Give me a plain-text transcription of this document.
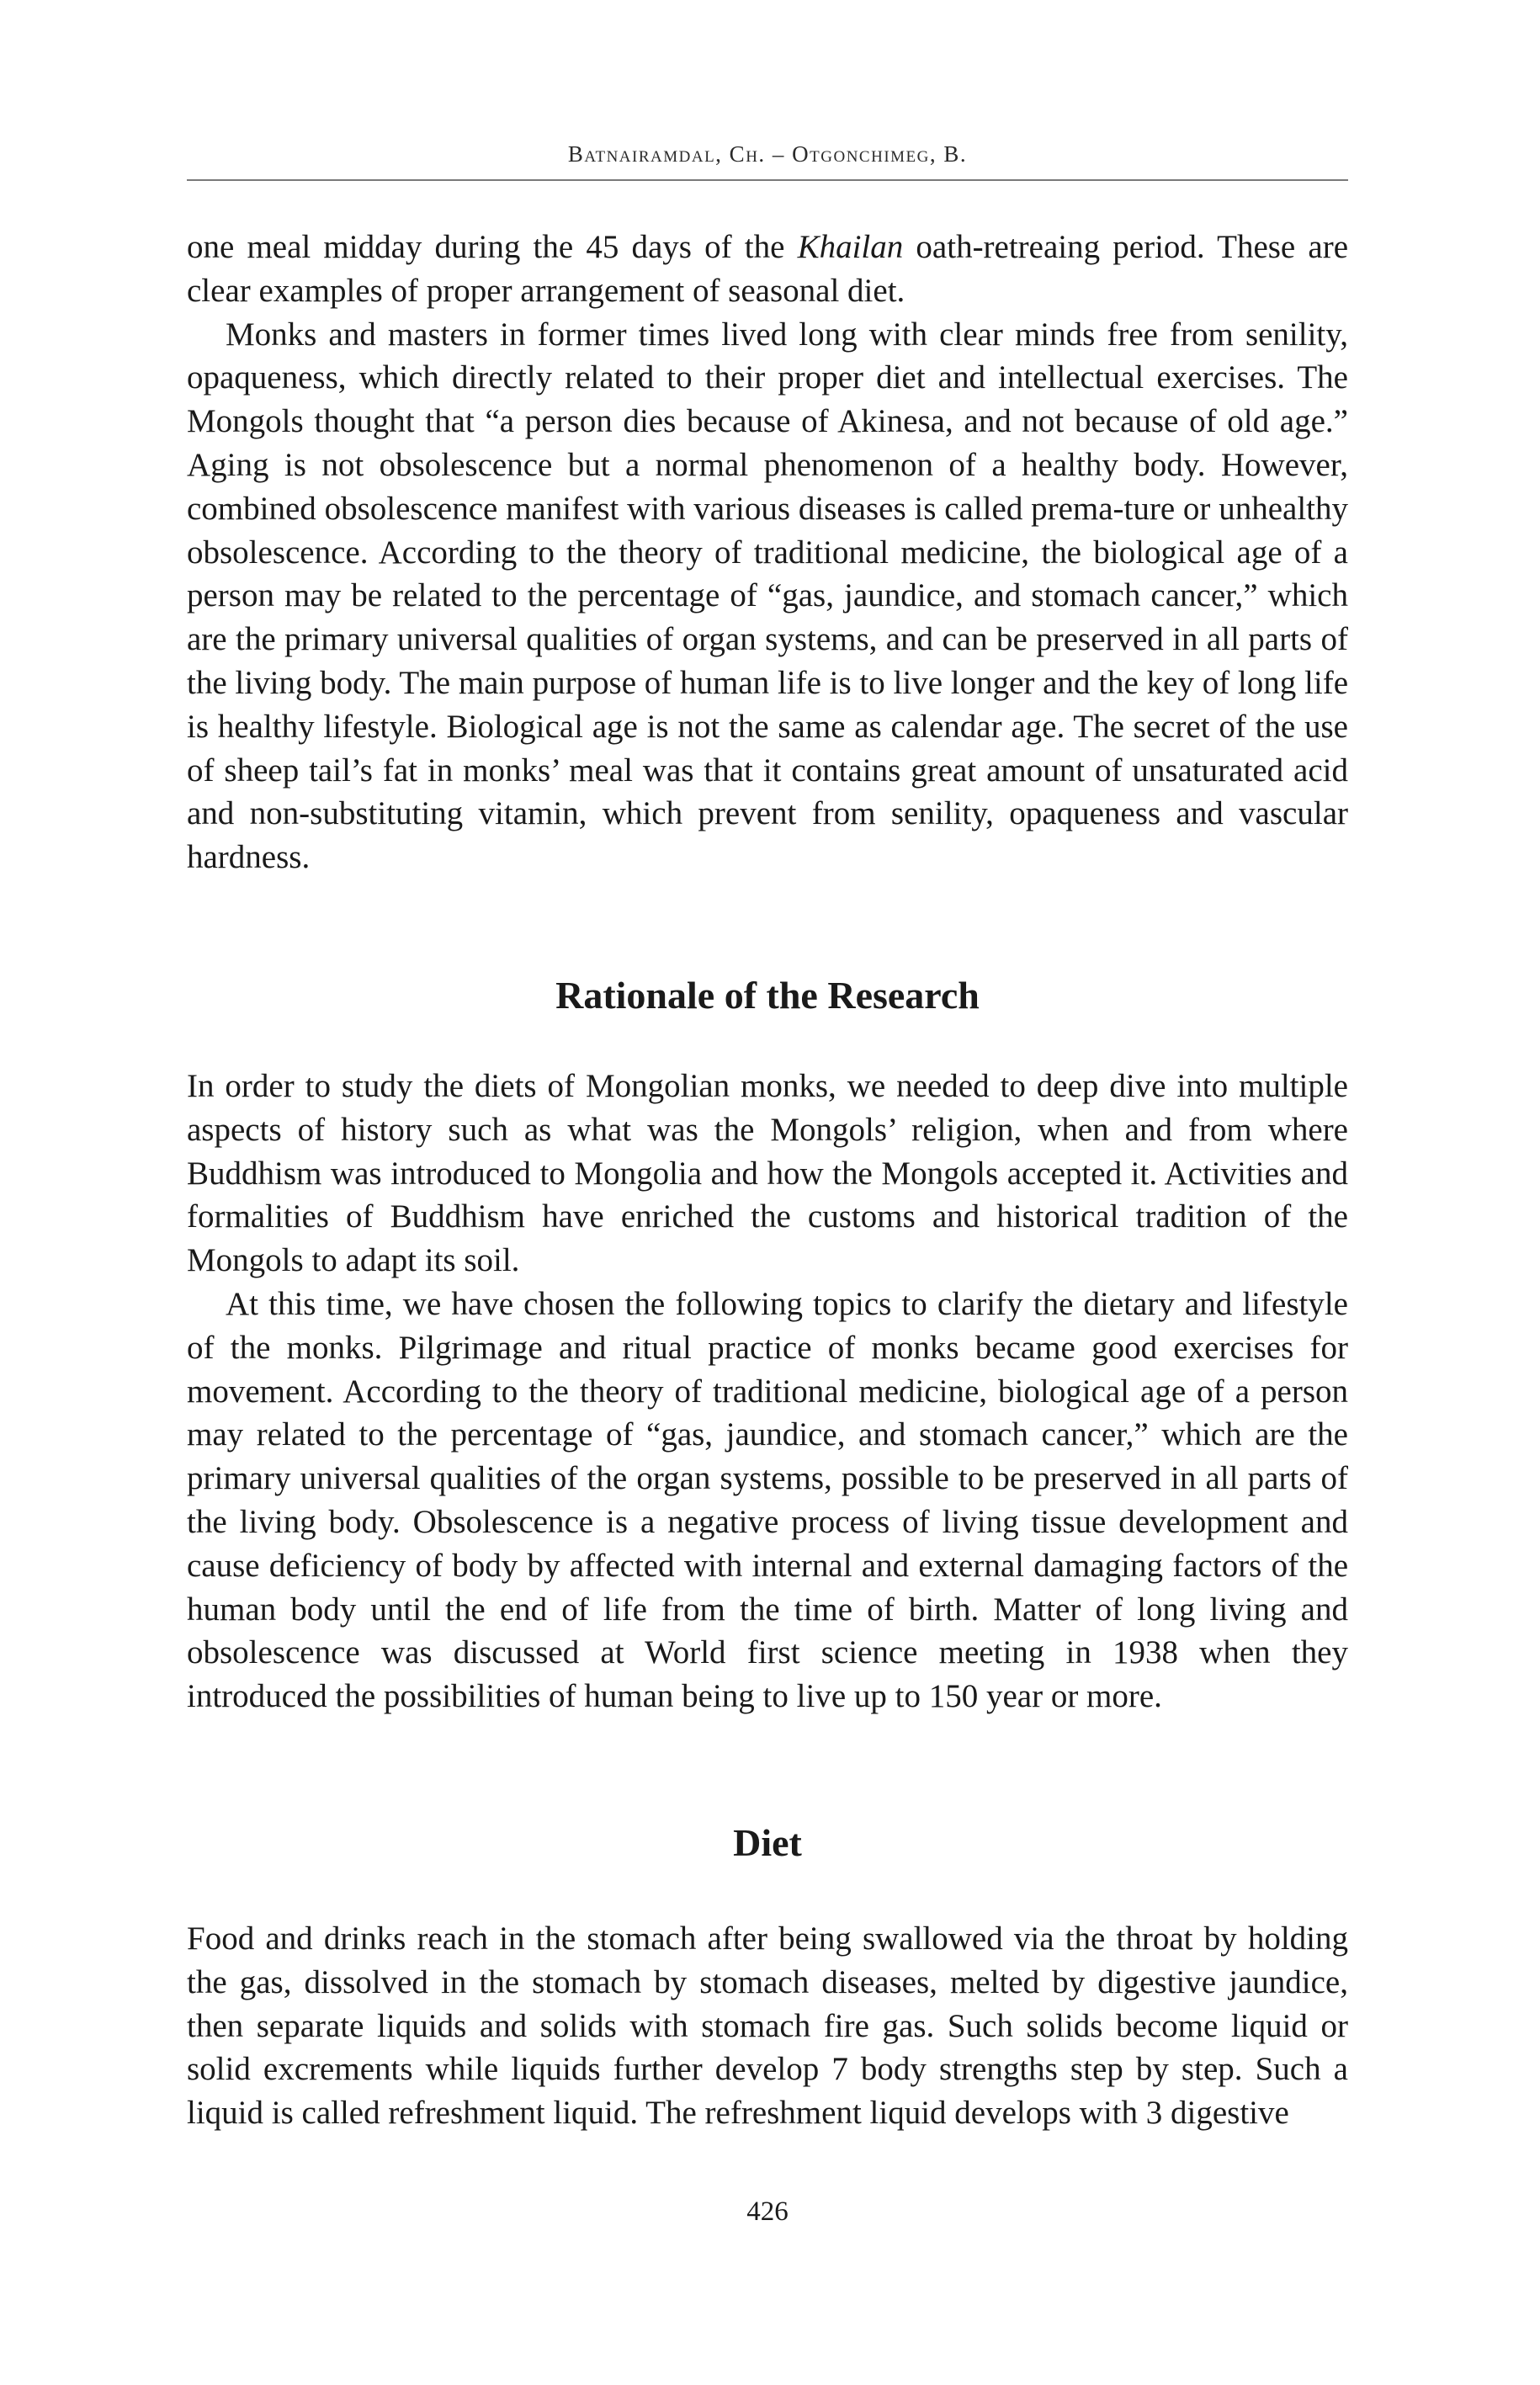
Batnairamdal, Ch. – Otgonchimeg, B.

one meal midday during the 45 days of the Khailan oath-retreaing period. These are clear examples of proper arrangement of seasonal diet.

Monks and masters in former times lived long with clear minds free from senility, opaqueness, which directly related to their proper diet and intellectual exercises. The Mongols thought that “a person dies because of Akinesa, and not because of old age.” Aging is not obsolescence but a normal phenomenon of a healthy body. However, combined obsolescence manifest with various diseases is called prema-ture or unhealthy obsolescence. According to the theory of traditional medicine, the biological age of a person may be related to the percentage of “gas, jaundice, and stomach cancer,” which are the primary universal qualities of organ systems, and can be preserved in all parts of the living body. The main purpose of human life is to live longer and the key of long life is healthy lifestyle. Biological age is not the same as calendar age. The secret of the use of sheep tail’s fat in monks’ meal was that it contains great amount of unsaturated acid and non-substituting vitamin, which prevent from senility, opaqueness and vascular hardness.

Rationale of the Research

In order to study the diets of Mongolian monks, we needed to deep dive into multiple aspects of history such as what was the Mongols’ religion, when and from where Buddhism was introduced to Mongolia and how the Mongols accepted it. Activities and formalities of Buddhism have enriched the customs and historical tradition of the Mongols to adapt its soil.

At this time, we have chosen the following topics to clarify the dietary and lifestyle of the monks. Pilgrimage and ritual practice of monks became good exercises for movement. According to the theory of traditional medicine, biological age of a person may related to the percentage of “gas, jaundice, and stomach cancer,” which are the primary universal qualities of the organ systems, possible to be preserved in all parts of the living body. Obsolescence is a negative process of living tissue development and cause deficiency of body by affected with internal and external damaging factors of the human body until the end of life from the time of birth. Matter of long living and obsolescence was discussed at World first science meeting in 1938 when they introduced the possibilities of human being to live up to 150 year or more.

Diet

Food and drinks reach in the stomach after being swallowed via the throat by holding the gas, dissolved in the stomach by stomach diseases, melted by digestive jaundice, then separate liquids and solids with stomach fire gas. Such solids become liquid or solid excrements while liquids further develop 7 body strengths step by step. Such a liquid is called refreshment liquid. The refreshment liquid develops with 3 digestive

426
